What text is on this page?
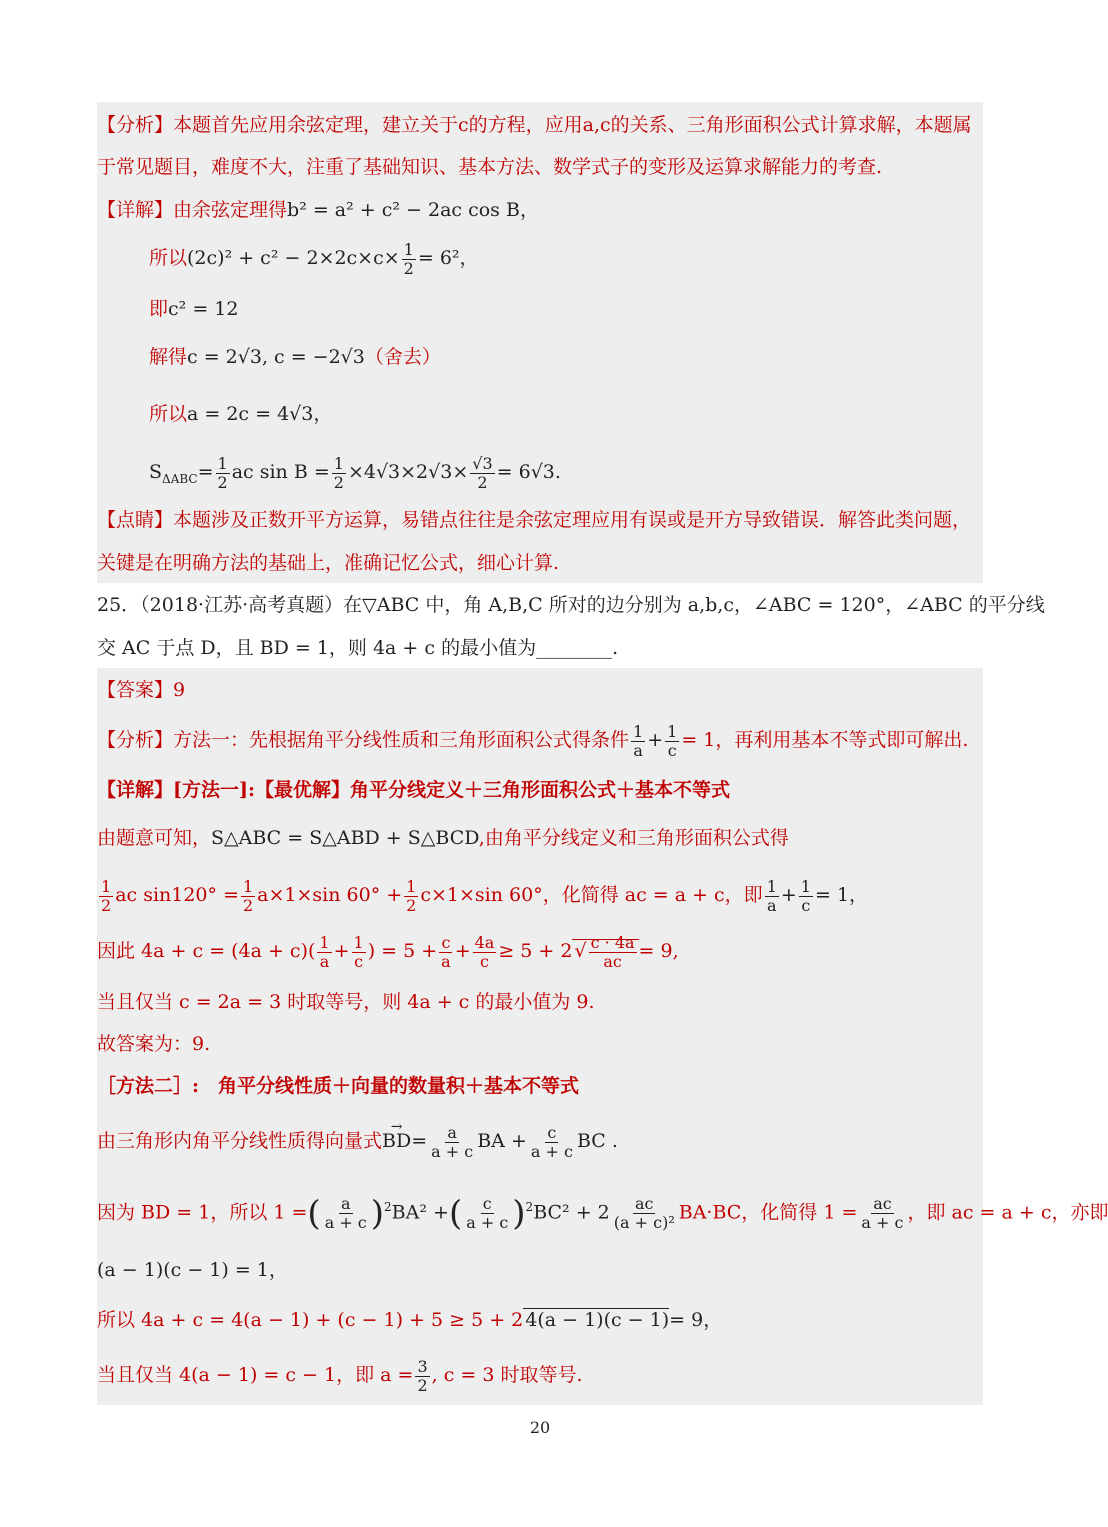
【分析】本题首先应用余弦定理，建立关于c的方程，应用a,c的关系、三角形面积公式计算求解，本题属
于常见题目，难度不大，注重了基础知识、基本方法、数学式子的变形及运算求解能力的考查.
【详解】由余弦定理得b² = a² + c² − 2ac cos B，
所以$(2c)^2 + c^2 - 2\times 2c\times c\times \frac{1}{2} = 6^2$，
即c² = 12
解得c = 2√3, c = −2√3（舍去）
所以a = 2c = 4√3，
$S_{\Delta ABC}= \frac{1}{2}$ ac $\sin B = \frac{1}{2} \times 4√3\times 2√3\times \frac{√3}{2} = 6√3$.
【点睛】本题涉及正数开平方运算，易错点往往是余弦定理应用有误或是开方导致错误．解答此类问题，
关键是在明确方法的基础上，准确记忆公式，细心计算.
25．（2018·江苏·高考真题）在▽ABC 中，角 A,B,C 所对的边分别为 a,b,c，∠ABC = 120°，∠ABC 的平分线
交 AC 于点 D，且 BD = 1，则 4a + c 的最小值为________.
【答案】9
【分析】方法一：先根据角平分线性质和三角形面积公式得条件 $\frac{1}{a} + \frac{1}{c} = 1$，再利用基本不等式即可解出.
【详解】[方法一]:【最优解】角平分线定义＋三角形面积公式＋基本不等式
由题意可知，S△ABC = S△ABD + S△BCD,由角平分线定义和三角形面积公式得
$\frac{1}{2}$ ac $\sin 120^\circ = \frac{1}{2} a\times 1\times\sin$ $60^\circ + \frac{1}{2} c\times 1\times\sin$ 60°，化简得 ac = a + c，即 $\frac{1}{a} + \frac{1}{c} = 1$，
因此 $4a + c = (4a + c)( \frac{1}{a} + \frac{1}{c}$ ) = $5 + \frac{c}{a} + \frac{4a}{c} \ge 5 + 2$ √ $\frac{c \cdot 4a}{ac} = 9$,
当且仅当 c = 2a = 3 时取等号，则 4a + c 的最小值为 9.
故答案为：9.
［方法二］:　角平分线性质＋向量的数量积＋基本不等式
由三角形内角平分线性质得向量式→ $BD= \frac{a}{a + c}$ BA + $\frac{c}{a + c}$ BC .
因为 BD = 1，所以 1 =( $\frac{a}{a + c} )^2BA^2$ +( $\frac{c}{a + c} )^2BC^2 + 2 \frac{ac}{\text{(a + c)²}} BA\cdot BC$，化简得 $1 = \frac{ac}{a + c}$ ，即 ac = a + c，亦即
(a − 1)(c − 1) = 1，
所以 4a + c = 4(a − 1) + (c − 1) + 5 ≥ 5 + 2 4(a − 1)(c − 1)= 9，
当且仅当 4(a − 1) = c − 1，即 $a = \frac{3}{2}$ , c = 3 时取等号.
20
